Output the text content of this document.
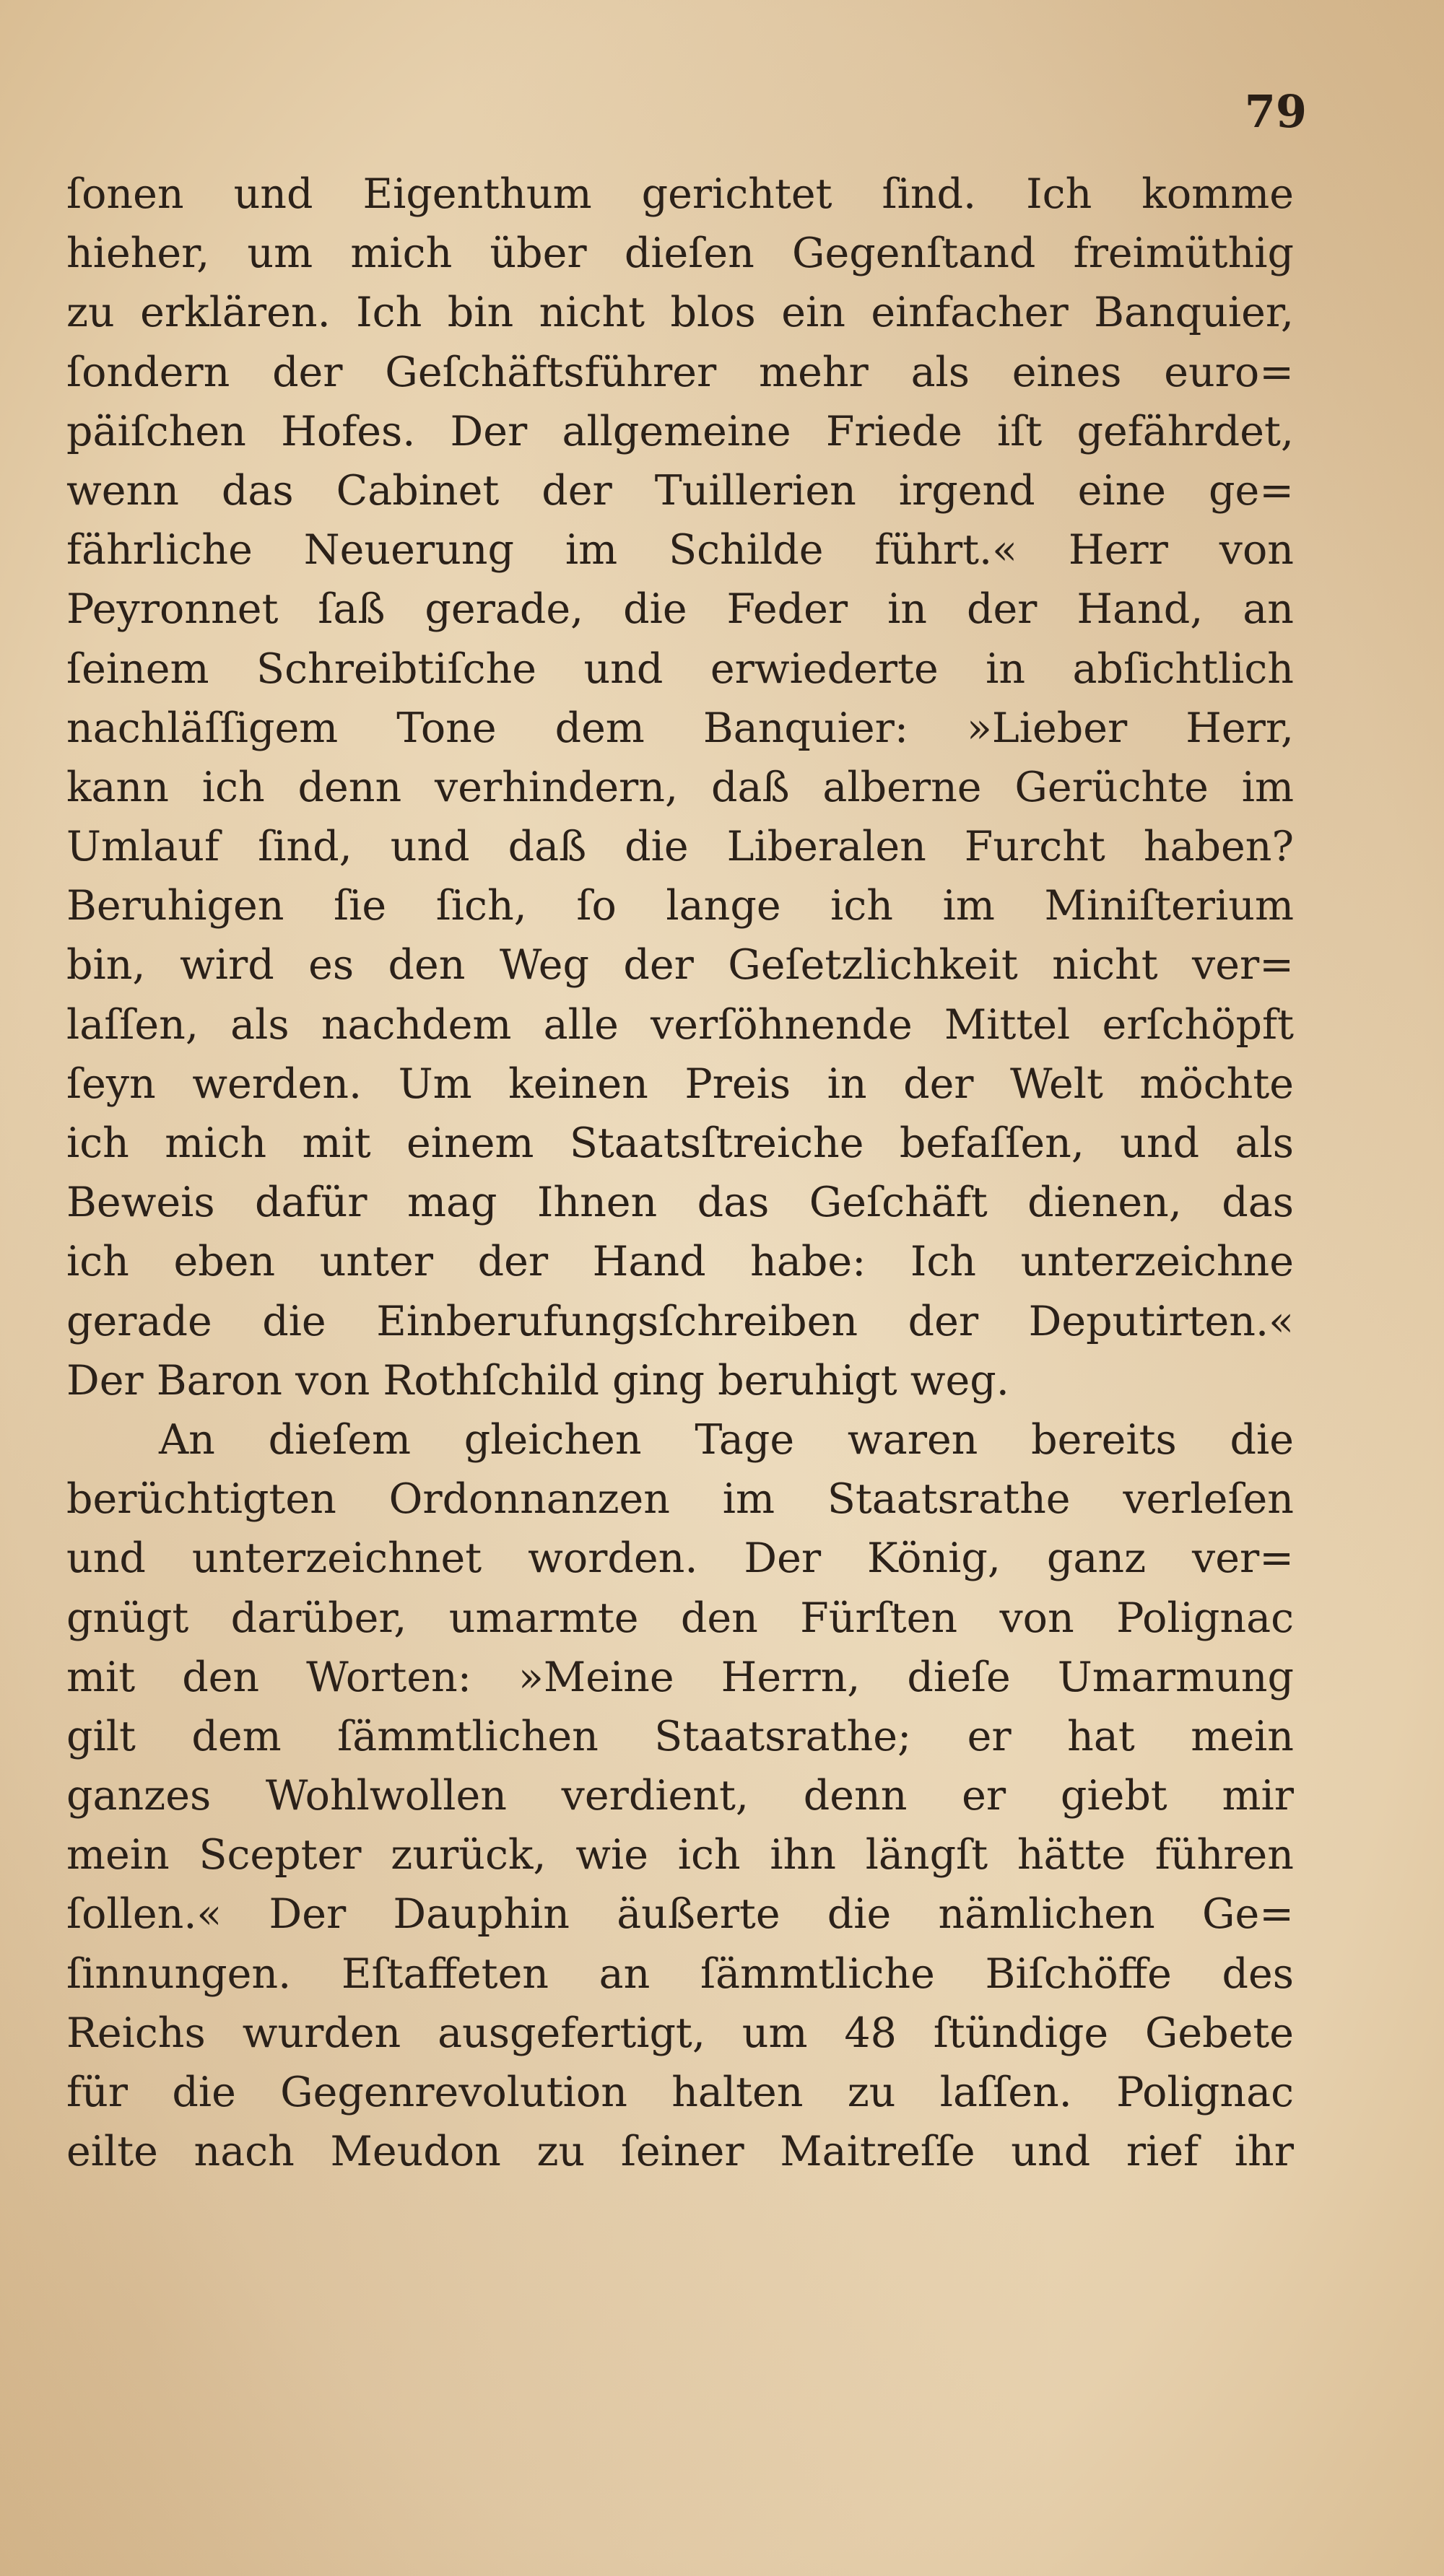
79

ſonen und Eigenthum gerichtet ſind. Ich komme
hieher, um mich über dieſen Gegenſtand freimüthig
zu erklären. Ich bin nicht blos ein einfacher Banquier,
ſondern der Geſchäftsführer mehr als eines euro=
päiſchen Hofes. Der allgemeine Friede iſt gefährdet,
wenn das Cabinet der Tuillerien irgend eine ge=
fährliche Neuerung im Schilde führt.« Herr von
Peyronnet ſaß gerade, die Feder in der Hand, an
ſeinem Schreibtiſche und erwiederte in abſichtlich
nachläſſigem Tone dem Banquier: »Lieber Herr,
kann ich denn verhindern, daß alberne Gerüchte im
Umlauf ſind, und daß die Liberalen Furcht haben?
Beruhigen ſie ſich, ſo lange ich im Miniſterium
bin, wird es den Weg der Geſetzlichkeit nicht ver=
laſſen, als nachdem alle verſöhnende Mittel erſchöpft
ſeyn werden. Um keinen Preis in der Welt möchte
ich mich mit einem Staatsſtreiche befaſſen, und als
Beweis dafür mag Ihnen das Geſchäft dienen, das
ich eben unter der Hand habe: Ich unterzeichne
gerade die Einberufungsſchreiben der Deputirten.«
Der Baron von Rothſchild ging beruhigt weg.
An dieſem gleichen Tage waren bereits die
berüchtigten Ordonnanzen im Staatsrathe verleſen
und unterzeichnet worden. Der König, ganz ver=
gnügt darüber, umarmte den Fürſten von Polignac
mit den Worten: »Meine Herrn, dieſe Umarmung
gilt dem ſämmtlichen Staatsrathe; er hat mein
ganzes Wohlwollen verdient, denn er giebt mir
mein Scepter zurück, wie ich ihn längſt hätte führen
ſollen.« Der Dauphin äußerte die nämlichen Ge=
ſinnungen. Eſtaffeten an ſämmtliche Biſchöffe des
Reichs wurden ausgefertigt, um 48 ſtündige Gebete
für die Gegenrevolution halten zu laſſen. Polignac
eilte nach Meudon zu ſeiner Maitreſſe und rief ihr
